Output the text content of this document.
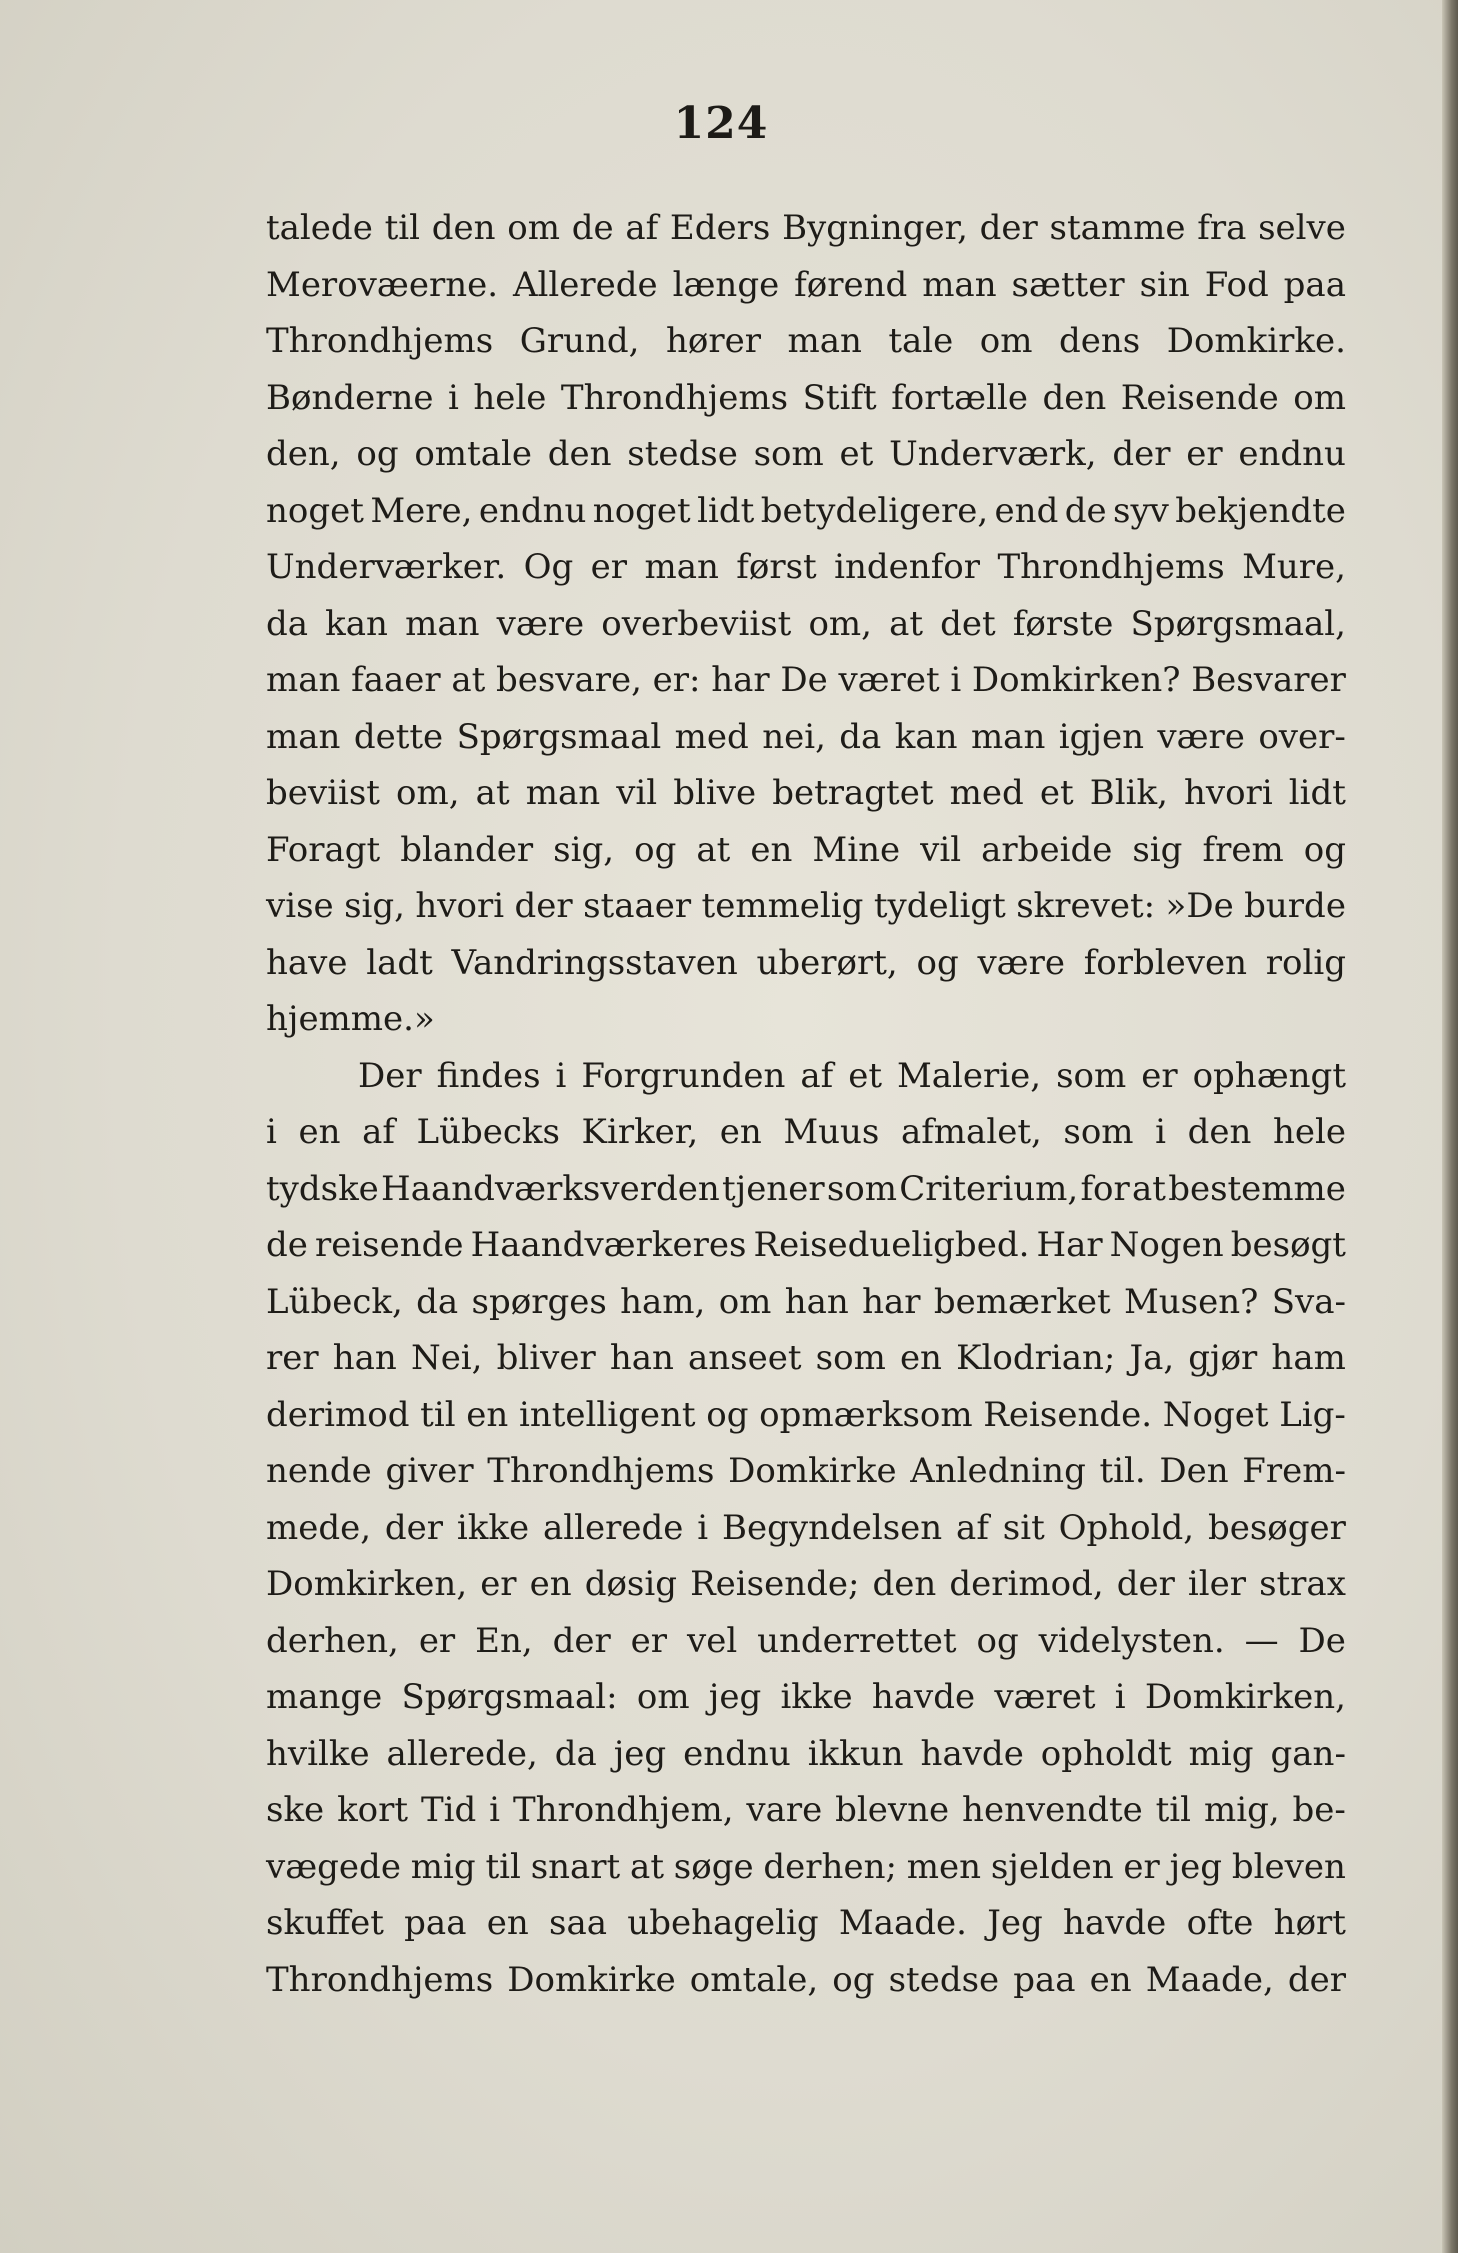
124
talede til den om de af Eders Bygninger, der stamme fra selve
Merovæerne. Allerede længe førend man sætter sin Fod paa
Throndhjems Grund, hører man tale om dens Domkirke.
Bønderne i hele Throndhjems Stift fortælle den Reisende om
den, og omtale den stedse som et Underværk, der er endnu
noget Mere, endnu noget lidt betydeligere, end de syv bekjendte
Underværker. Og er man først indenfor Throndhjems Mure,
da kan man være overbeviist om, at det første Spørgsmaal,
man faaer at besvare, er: har De været i Domkirken? Besvarer
man dette Spørgsmaal med nei, da kan man igjen være over-
beviist om, at man vil blive betragtet med et Blik, hvori lidt
Foragt blander sig, og at en Mine vil arbeide sig frem og
vise sig, hvori der staaer temmelig tydeligt skrevet: »De burde
have ladt Vandringsstaven uberørt, og være forbleven rolig
hjemme.»
Der findes i Forgrunden af et Malerie, som er ophængt
i en af Lübecks Kirker, en Muus afmalet, som i den hele
tydske Haandværksverden tjener som Criterium, for at bestemme
de reisende Haandværkeres Reisedueligbed. Har Nogen besøgt
Lübeck, da spørges ham, om han har bemærket Musen? Sva-
rer han Nei, bliver han anseet som en Klodrian; Ja, gjør ham
derimod til en intelligent og opmærksom Reisende. Noget Lig-
nende giver Throndhjems Domkirke Anledning til. Den Frem-
mede, der ikke allerede i Begyndelsen af sit Ophold, besøger
Domkirken, er en døsig Reisende; den derimod, der iler strax
derhen, er En, der er vel underrettet og videlysten. — De
mange Spørgsmaal: om jeg ikke havde været i Domkirken,
hvilke allerede, da jeg endnu ikkun havde opholdt mig gan-
ske kort Tid i Throndhjem, vare blevne henvendte til mig, be-
vægede mig til snart at søge derhen; men sjelden er jeg bleven
skuffet paa en saa ubehagelig Maade. Jeg havde ofte hørt
Throndhjems Domkirke omtale, og stedse paa en Maade, der
